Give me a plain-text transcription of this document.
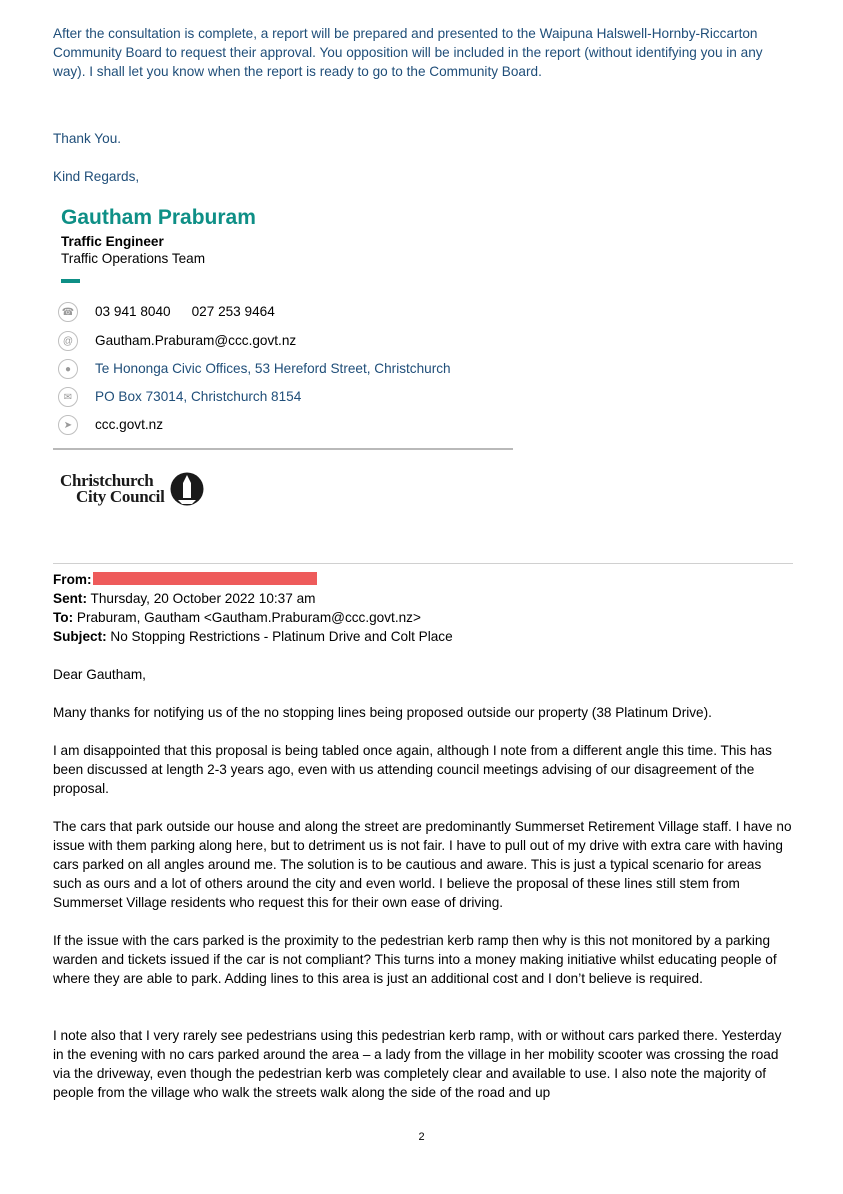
After the consultation is complete, a report will be prepared and presented to the Waipuna Halswell-Hornby-Riccarton Community Board to request their approval. You opposition will be included in the report (without identifying you in any way). I shall let you know when the report is ready to go to the Community Board.
Thank You.
Kind Regards,
Gautham Praburam
Traffic Engineer
Traffic Operations Team
☎ 03 941 8040 027 253 9464
@	Gautham.Praburam@ccc.govt.nz
●	Te Hononga Civic Offices, 53 Hereford Street, Christchurch
✉	PO Box 73014, Christchurch 8154
➤	ccc.govt.nz
Christchurch
City Council
From:
Sent: Thursday, 20 October 2022 10:37 am
To: Praburam, Gautham <Gautham.Praburam@ccc.govt.nz>
Subject: No Stopping Restrictions - Platinum Drive and Colt Place
Dear Gautham,
Many thanks for notifying us of the no stopping lines being proposed outside our property (38 Platinum Drive).
I am disappointed that this proposal is being tabled once again, although I note from a different angle this time. This has been discussed at length 2-3 years ago, even with us attending council meetings advising of our disagreement of the proposal.
The cars that park outside our house and along the street are predominantly Summerset Retirement Village staff. I have no issue with them parking along here, but to detriment us is not fair. I have to pull out of my drive with extra care with having cars parked on all angles around me. The solution is to be cautious and aware. This is just a typical scenario for areas such as ours and a lot of others around the city and even world. I believe the proposal of these lines still stem from Summerset Village residents who request this for their own ease of driving.
If the issue with the cars parked is the proximity to the pedestrian kerb ramp then why is this not monitored by a parking warden and tickets issued if the car is not compliant? This turns into a money making initiative whilst educating people of where they are able to park. Adding lines to this area is just an additional cost and I don’t believe is required.
I note also that I very rarely see pedestrians using this pedestrian kerb ramp, with or without cars parked there. Yesterday in the evening with no cars parked around the area – a lady from the village in her mobility scooter was crossing the road via the driveway, even though the pedestrian kerb was completely clear and available to use. I also note the majority of people from the village who walk the streets walk along the side of the road and up
2
